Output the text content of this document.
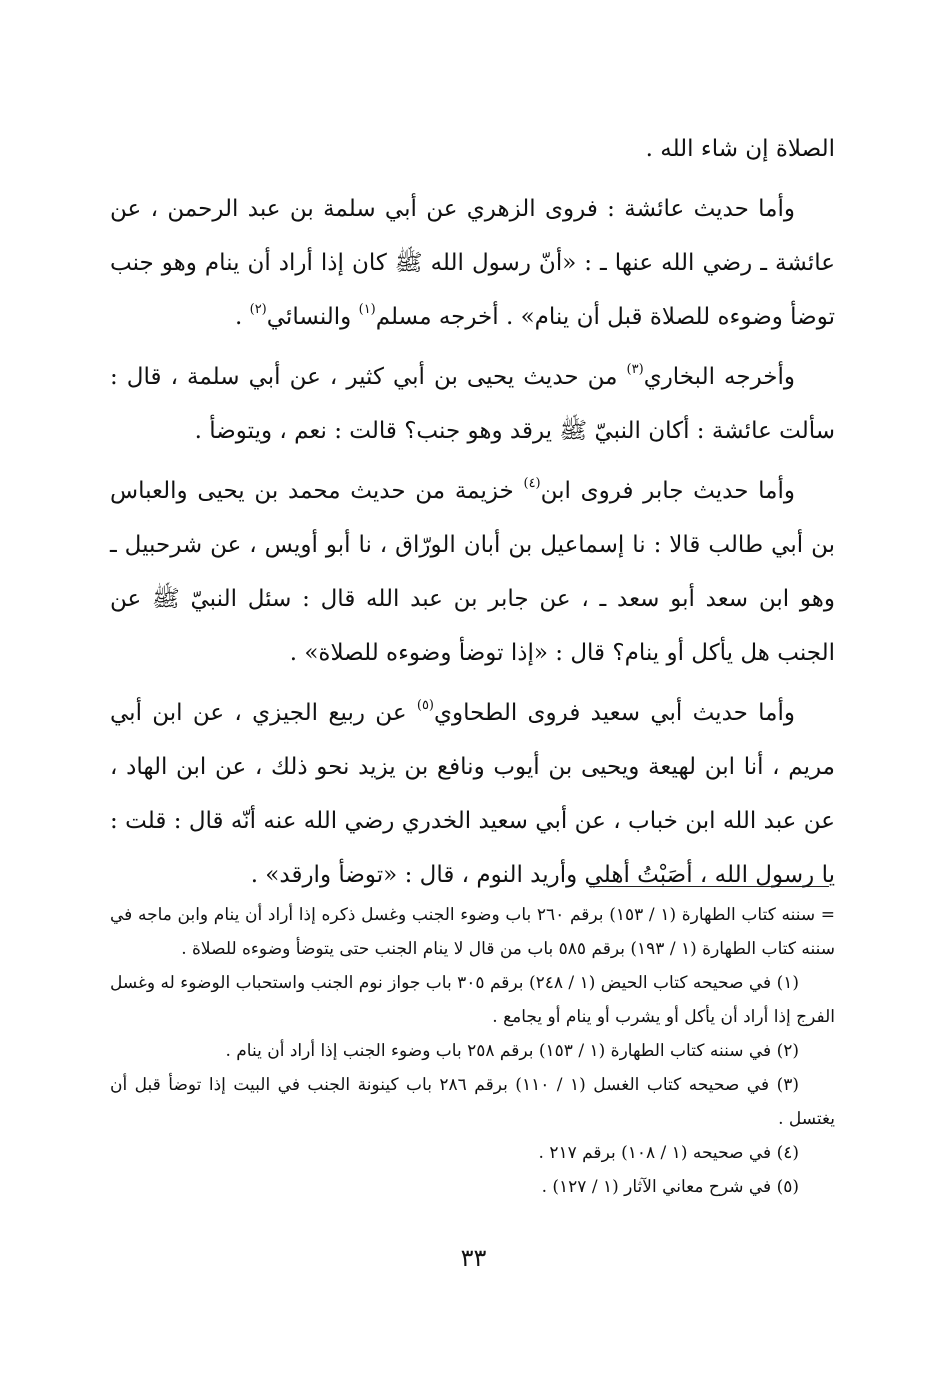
الصلاة إن شاء الله .

وأما حديث عائشة : فروى الزهري عن أبي سلمة بن عبد الرحمن ، عن عائشة ـ رضي الله عنها ـ : «أنّ رسول الله ﷺ كان إذا أراد أن ينام وهو جنب توضأ وضوءه للصلاة قبل أن ينام» . أخرجه مسلم$^{(١)}$ والنسائي$^{(٢)}$ .

وأخرجه البخاري$^{(٣)}$ من حديث يحيى بن أبي كثير ، عن أبي سلمة ، قال : سألت عائشة : أكان النبيّ ﷺ يرقد وهو جنب؟ قالت : نعم ، ويتوضأ .

وأما حديث جابر فروى ابن$^{(٤)}$ خزيمة من حديث محمد بن يحيى والعباس بن أبي طالب قالا : نا إسماعيل بن أبان الورّاق ، نا أبو أويس ، عن شرحبيل ـ وهو ابن سعد أبو سعد ـ ، عن جابر بن عبد الله قال : سئل النبيّ ﷺ عن الجنب هل يأكل أو ينام؟ قال : «إذا توضأ وضوءه للصلاة» .

وأما حديث أبي سعيد فروى الطحاوي$^{(٥)}$ عن ربيع الجيزي ، عن ابن أبي مريم ، أنا ابن لهيعة ويحيى بن أيوب ونافع بن يزيد نحو ذلك ، عن ابن الهاد ، عن عبد الله ابن خباب ، عن أبي سعيد الخدري رضي الله عنه أنّه قال : قلت : يا رسول الله ، أصَبْتُ أهلي وأريد النوم ، قال : «توضأ وارقد» .

= سننه كتاب الطهارة (١ / ١٥٣) برقم ٢٦٠ باب وضوء الجنب وغسل ذكره إذا أراد أن ينام وابن ماجه في سننه كتاب الطهارة (١ / ١٩٣) برقم ٥٨٥ باب من قال لا ينام الجنب حتى يتوضأ وضوءه للصلاة .

(١) في صحيحه كتاب الحيض (١ / ٢٤٨) برقم ٣٠٥ باب جواز نوم الجنب واستحباب الوضوء له وغسل الفرج إذا أراد أن يأكل أو يشرب أو ينام أو يجامع .

(٢) في سننه كتاب الطهارة (١ / ١٥٣) برقم ٢٥٨ باب وضوء الجنب إذا أراد أن ينام .

(٣) في صحيحه كتاب الغسل (١ / ١١٠) برقم ٢٨٦ باب كينونة الجنب في البيت إذا توضأ قبل أن يغتسل .

(٤) في صحيحه (١ / ١٠٨) برقم ٢١٧ .

(٥) في شرح معاني الآثار (١ / ١٢٧) .

٣٣
